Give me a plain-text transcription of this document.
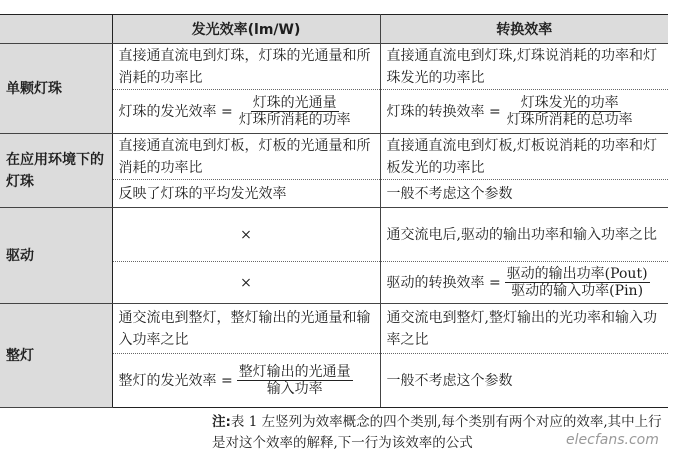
	发光效率(lm/W)	转换效率
单颗灯珠	直接通直流电到灯珠，灯珠的光通量和所消耗的功率比	直接通直流电到灯珠,灯珠说消耗的功率和灯珠发光的功率比

	灯珠的发光效率 = $\frac{\text{灯珠的光通量}}{\text{灯珠所消耗的功率}}$	灯珠的转换效率 = $\frac{\text{灯珠发光的功率}}{\text{灯珠所消耗的总功率}}$

在应用环境下的灯珠	直接通直流电到灯板，灯板的光通量和所消耗的功率比	直接通直流电到灯板,灯板说消耗的功率和灯板发光的功率比
	反映了灯珠的平均发光效率	一般不考虑这个参数
驱动	×	通交流电后,驱动的输出功率和输入功率之比
	×	驱动的转换效率 = $\frac{\text{驱动的输出功率(Pout)}}{\text{驱动的输入功率(Pin)}}$

整灯	通交流电到整灯，整灯输出的光通量和输入功率之比	通交流电到整灯,整灯输出的光功率和输入功率之比

	整灯的发光效率 = $\frac{\text{整灯输出的光通量}}{\text{输入功率}}$	一般不考虑这个参数
注:表 1 左竖列为效率概念的四个类别,每个类别有两个对应的效率,其中上行是对这个效率的解释,下一行为该效率的公式	elecfans.com
